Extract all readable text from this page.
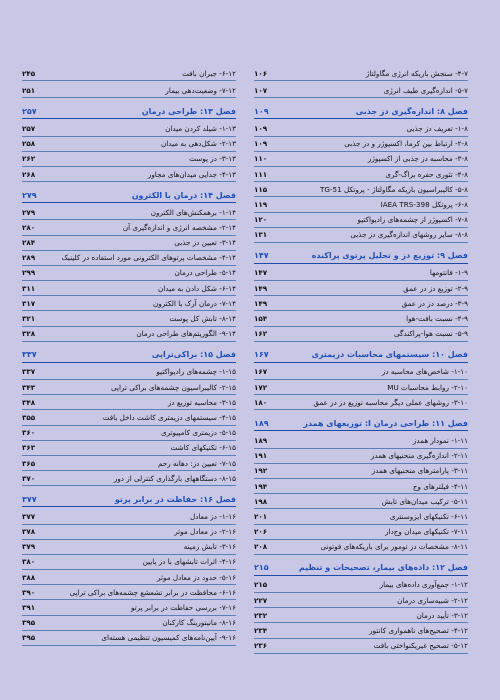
۴-۷- سنجش باریکه انرژی مگاولتاژ
۱۰۶
۵-۷- اندازه‌گیری طیف انرژی
۱۰۷
فصل ۸: اندازه‌گیری دز جذبی
۱۰۹
۱-۸- تعریف دز جذبی
۱۰۹
۲-۸- ارتباط بین کرما، اکسپوژر و دز جذبی
۱۰۹
۳-۸- محاسبه دز جذبی از اکسپوژر
۱۱۰
۴-۸- تئوری حفره براگ-گری
۱۱۱
۵-۸- کالیبراسیون باریکه مگاولتاژ - پروتکل TG-51
۱۱۵
۶-۸- پروتکل IAEA TRS-398
۱۱۹
۷-۸- اکسپوژر از چشمه‌های رادیواکتیو
۱۲۰
۸-۸- سایر روشهای اندازه‌گیری دز جذبی
۱۳۱
فصل ۹: توزیع دز و تحلیل پرتوی پراکنده
۱۴۷
۱-۹- فانتومها
۱۴۷
۲-۹- توزیع دز در عمق
۱۴۹
۳-۹- درصد دز در عمق
۱۴۹
۴-۹- نسبت بافت-هوا
۱۵۴
۵-۹- نسبت هوا-پراکندگی
۱۶۲
فصل ۱۰: سیستمهای محاسبات دزیمتری
۱۶۷
۱-۱۰- شاخص‌های محاسبه دز
۱۶۷
۲-۱۰- روابط محاسبات MU
۱۷۲
۳-۱۰- روشهای عملی دیگر محاسبه توزیع دز در عمق
۱۸۰
فصل ۱۱: طراحی درمان I: توزیعهای همدز
۱۸۹
۱-۱۱- نمودار همدز
۱۸۹
۲-۱۱- اندازه‌گیری منحنیهای همدز
۱۹۱
۳-۱۱- پارامترهای منحنیهای همدز
۱۹۲
۴-۱۱- فیلترهای وج
۱۹۴
۵-۱۱- ترکیب میدان‌های تابش
۱۹۸
۶-۱۱- تکنیکهای ایزوسنتری
۲۰۱
۷-۱۱- تکنیکهای میدان وج‌دار
۲۰۶
۸-۱۱- مشخصات دز تومور برای باریکه‌های فوتونی
۲۰۸
فصل ۱۲: داده‌های بیمار، تصحیحات و تنظیم
۲۱۵
۱-۱۲- جمع‌آوری داده‌های بیمار
۲۱۵
۲-۱۲- شبیه‌سازی درمان
۲۲۷
۳-۱۲- تأیید درمان
۲۳۲
۴-۱۲- تصحیح‌های ناهمواری کانتور
۲۳۴
۵-۱۲- تصحیح غیریکنواختی بافت
۲۳۶
۶-۱۲- جبران بافت
۲۴۵
۷-۱۲- وضعیت‌دهی بیمار
۲۵۱
فصل ۱۳: طراحی درمان
۲۵۷
۱-۱۳- شیلد کردن میدان
۲۵۷
۲-۱۳- شکل‌دهی به میدان
۲۵۸
۳-۱۳- دز پوست
۲۶۲
۴-۱۳- جدایی میدان‌های مجاور
۲۶۸
فصل ۱۴: درمان با الکترون
۲۷۹
۱-۱۴- برهمکنش‌های الکترون
۲۷۹
۲-۱۴- مشخصه انرژی و اندازه‌گیری آن
۲۸۰
۳-۱۴- تعیین دز جذبی
۲۸۴
۴-۱۴- مشخصات پرتوهای الکترونی مورد استفاده در کلینیک
۲۸۹
۵-۱۴- طراحی درمان
۲۹۹
۶-۱۴- شکل دادن به میدان
۳۱۱
۷-۱۴- درمان آرک با الکترون
۳۱۷
۸-۱۴- تابش کل پوست
۳۲۱
۹-۱۴- الگوریتم‌های طراحی درمان
۳۲۸
فصل ۱۵: براکی‌تراپی
۳۳۷
۱-۱۵- چشمه‌های رادیواکتیو
۳۳۷
۲-۱۵- کالیبراسیون چشمه‌های براکی‌ تراپی
۳۴۳
۳-۱۵- محاسبه توزیع دز
۳۴۸
۴-۱۵- سیستمهای دزیمتری کاشت داخل بافت
۳۵۵
۵-۱۵- دزیمتری کامپیوتری
۳۶۰
۶-۱۵- تکنیکهای کاشت
۳۶۳
۷-۱۵- تعیین دز: دهانه رحم
۳۶۵
۸-۱۵- دستگاههای بارگذاری کنترلی از دور
۳۷۰
فصل ۱۶: حفاظت در برابر پرتو
۳۷۷
۱-۱۶- دز معادل
۳۷۷
۲-۱۶- دز معادل موثر
۳۷۸
۳-۱۶- تابش زمینه
۳۷۹
۴-۱۶- اثرات تابشهای با دز پایین
۳۸۰
۵-۱۶- حدود دز معادل موثر
۳۸۸
۶-۱۶- محافظت در برابر تشعشع چشمه‌های براکی‌ تراپی
۳۹۰
۷-۱۶- بررسی حفاظت در برابر پرتو
۳۹۱
۸-۱۶- مانیتورینگ کارکنان
۳۹۵
۹-۱۶- آیین‌نامه‌های کمیسیون تنظیمی هسته‌ای
۳۹۵
